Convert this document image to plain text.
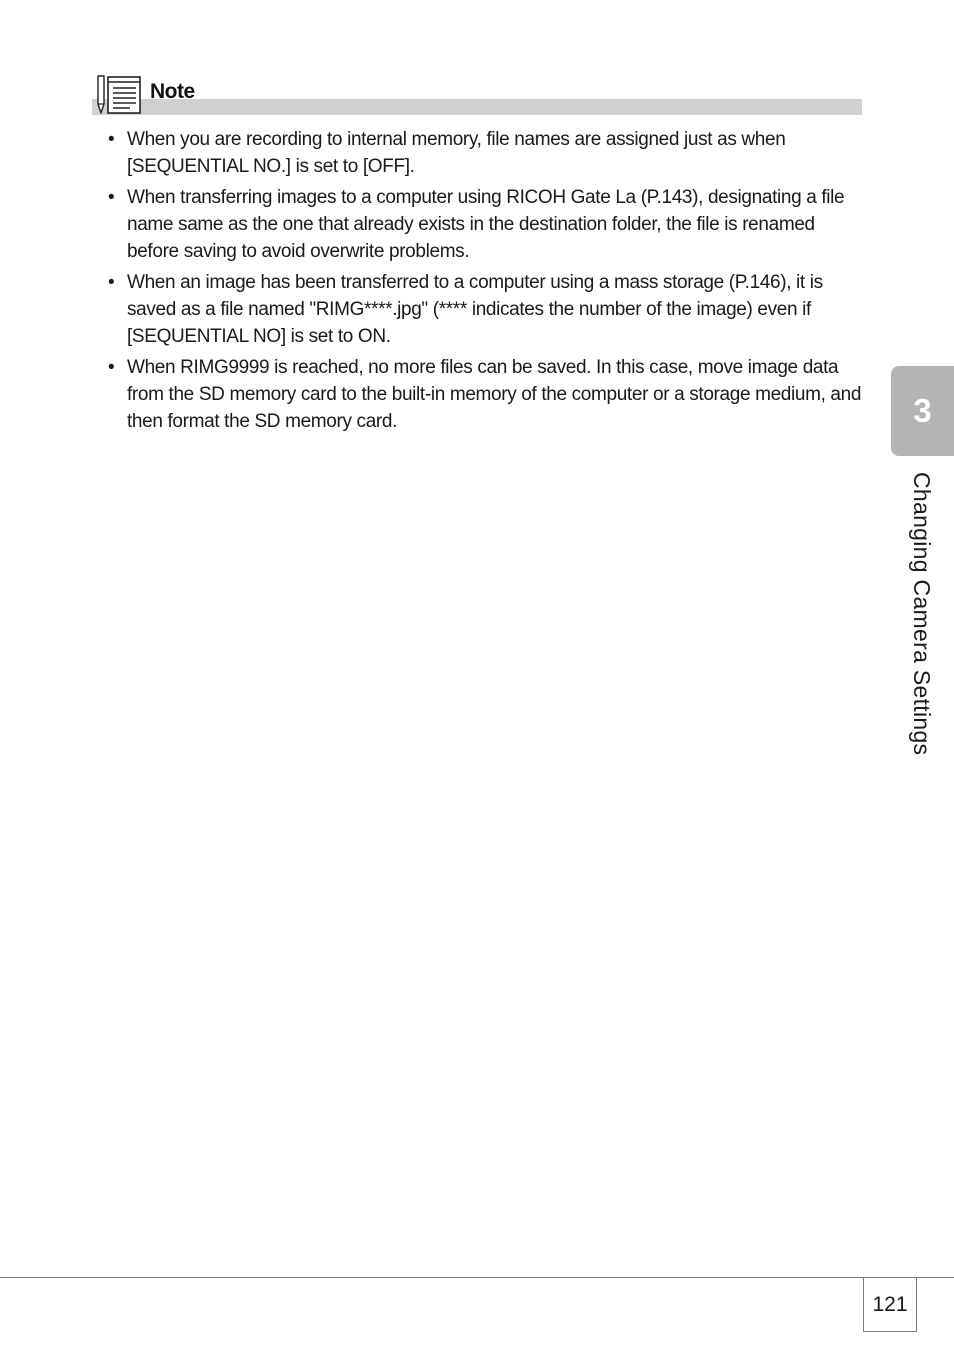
Note
• When you are recording to internal memory, file names are assigned just as when [SEQUENTIAL NO.] is set to [OFF].
• When transferring images to a computer using RICOH Gate La (P.143), designating a file name same as the one that already exists in the destination folder, the file is renamed before saving to avoid overwrite problems.
• When an image has been transferred to a computer using a mass storage (P.146), it is saved as a file named "RIMG****.jpg" (**** indicates the number of the image) even if [SEQUENTIAL NO] is set to ON.
• When RIMG9999 is reached, no more files can be saved. In this case, move image data from the SD memory card to the built-in memory of the computer or a storage medium, and then format the SD memory card.	3
Changing Camera Settings
121
